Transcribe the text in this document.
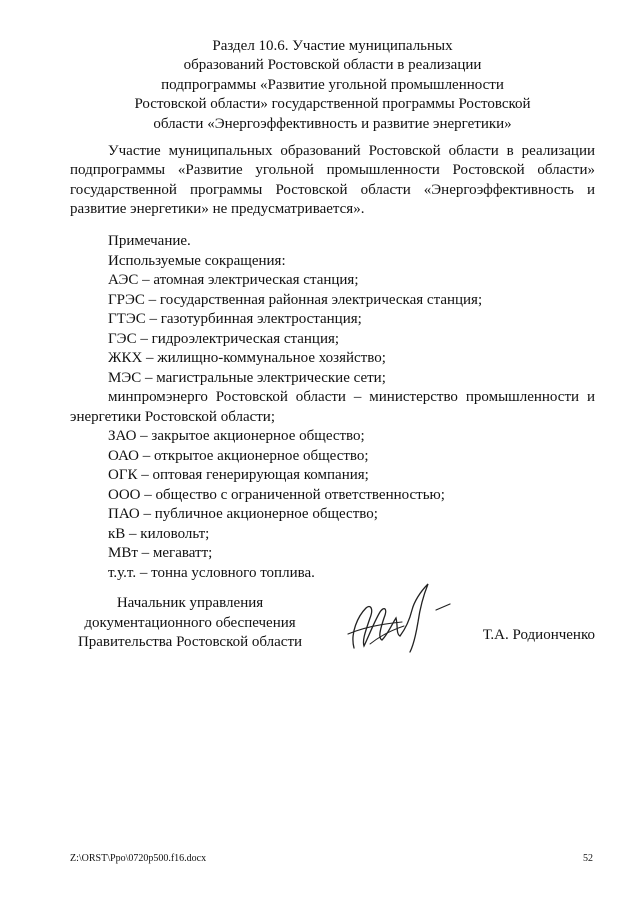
Раздел 10.6. Участие муниципальных
образований Ростовской области в реализации
подпрограммы «Развитие угольной промышленности
Ростовской области» государственной программы Ростовской
области «Энергоэффективность и развитие энергетики»
Участие муниципальных образований Ростовской области в реализации
подпрограммы «Развитие угольной промышленности Ростовской области»
государственной программы Ростовской области «Энергоэффективность и
развитие энергетики» не предусматривается».
Примечание.
Используемые сокращения:
АЭС – атомная электрическая станция;
ГРЭС – государственная районная электрическая станция;
ГТЭС – газотурбинная электростанция;
ГЭС – гидроэлектрическая станция;
ЖКХ – жилищно-коммунальное хозяйство;
МЭС – магистральные электрические сети;
минпромэнерго Ростовской области – министерство промышленности и
энергетики Ростовской области;
ЗАО – закрытое акционерное общество;
ОАО – открытое акционерное общество;
ОГК – оптовая генерирующая компания;
ООО – общество с ограниченной ответственностью;
ПАО – публичное акционерное общество;
кВ – киловольт;
МВт – мегаватт;
т.у.т. – тонна условного топлива.
Начальник управления
документационного обеспечения
Правительства Ростовской области	Т.А. Родионченко
Z:\ORST\Ppo\0720p500.f16.docx	52
